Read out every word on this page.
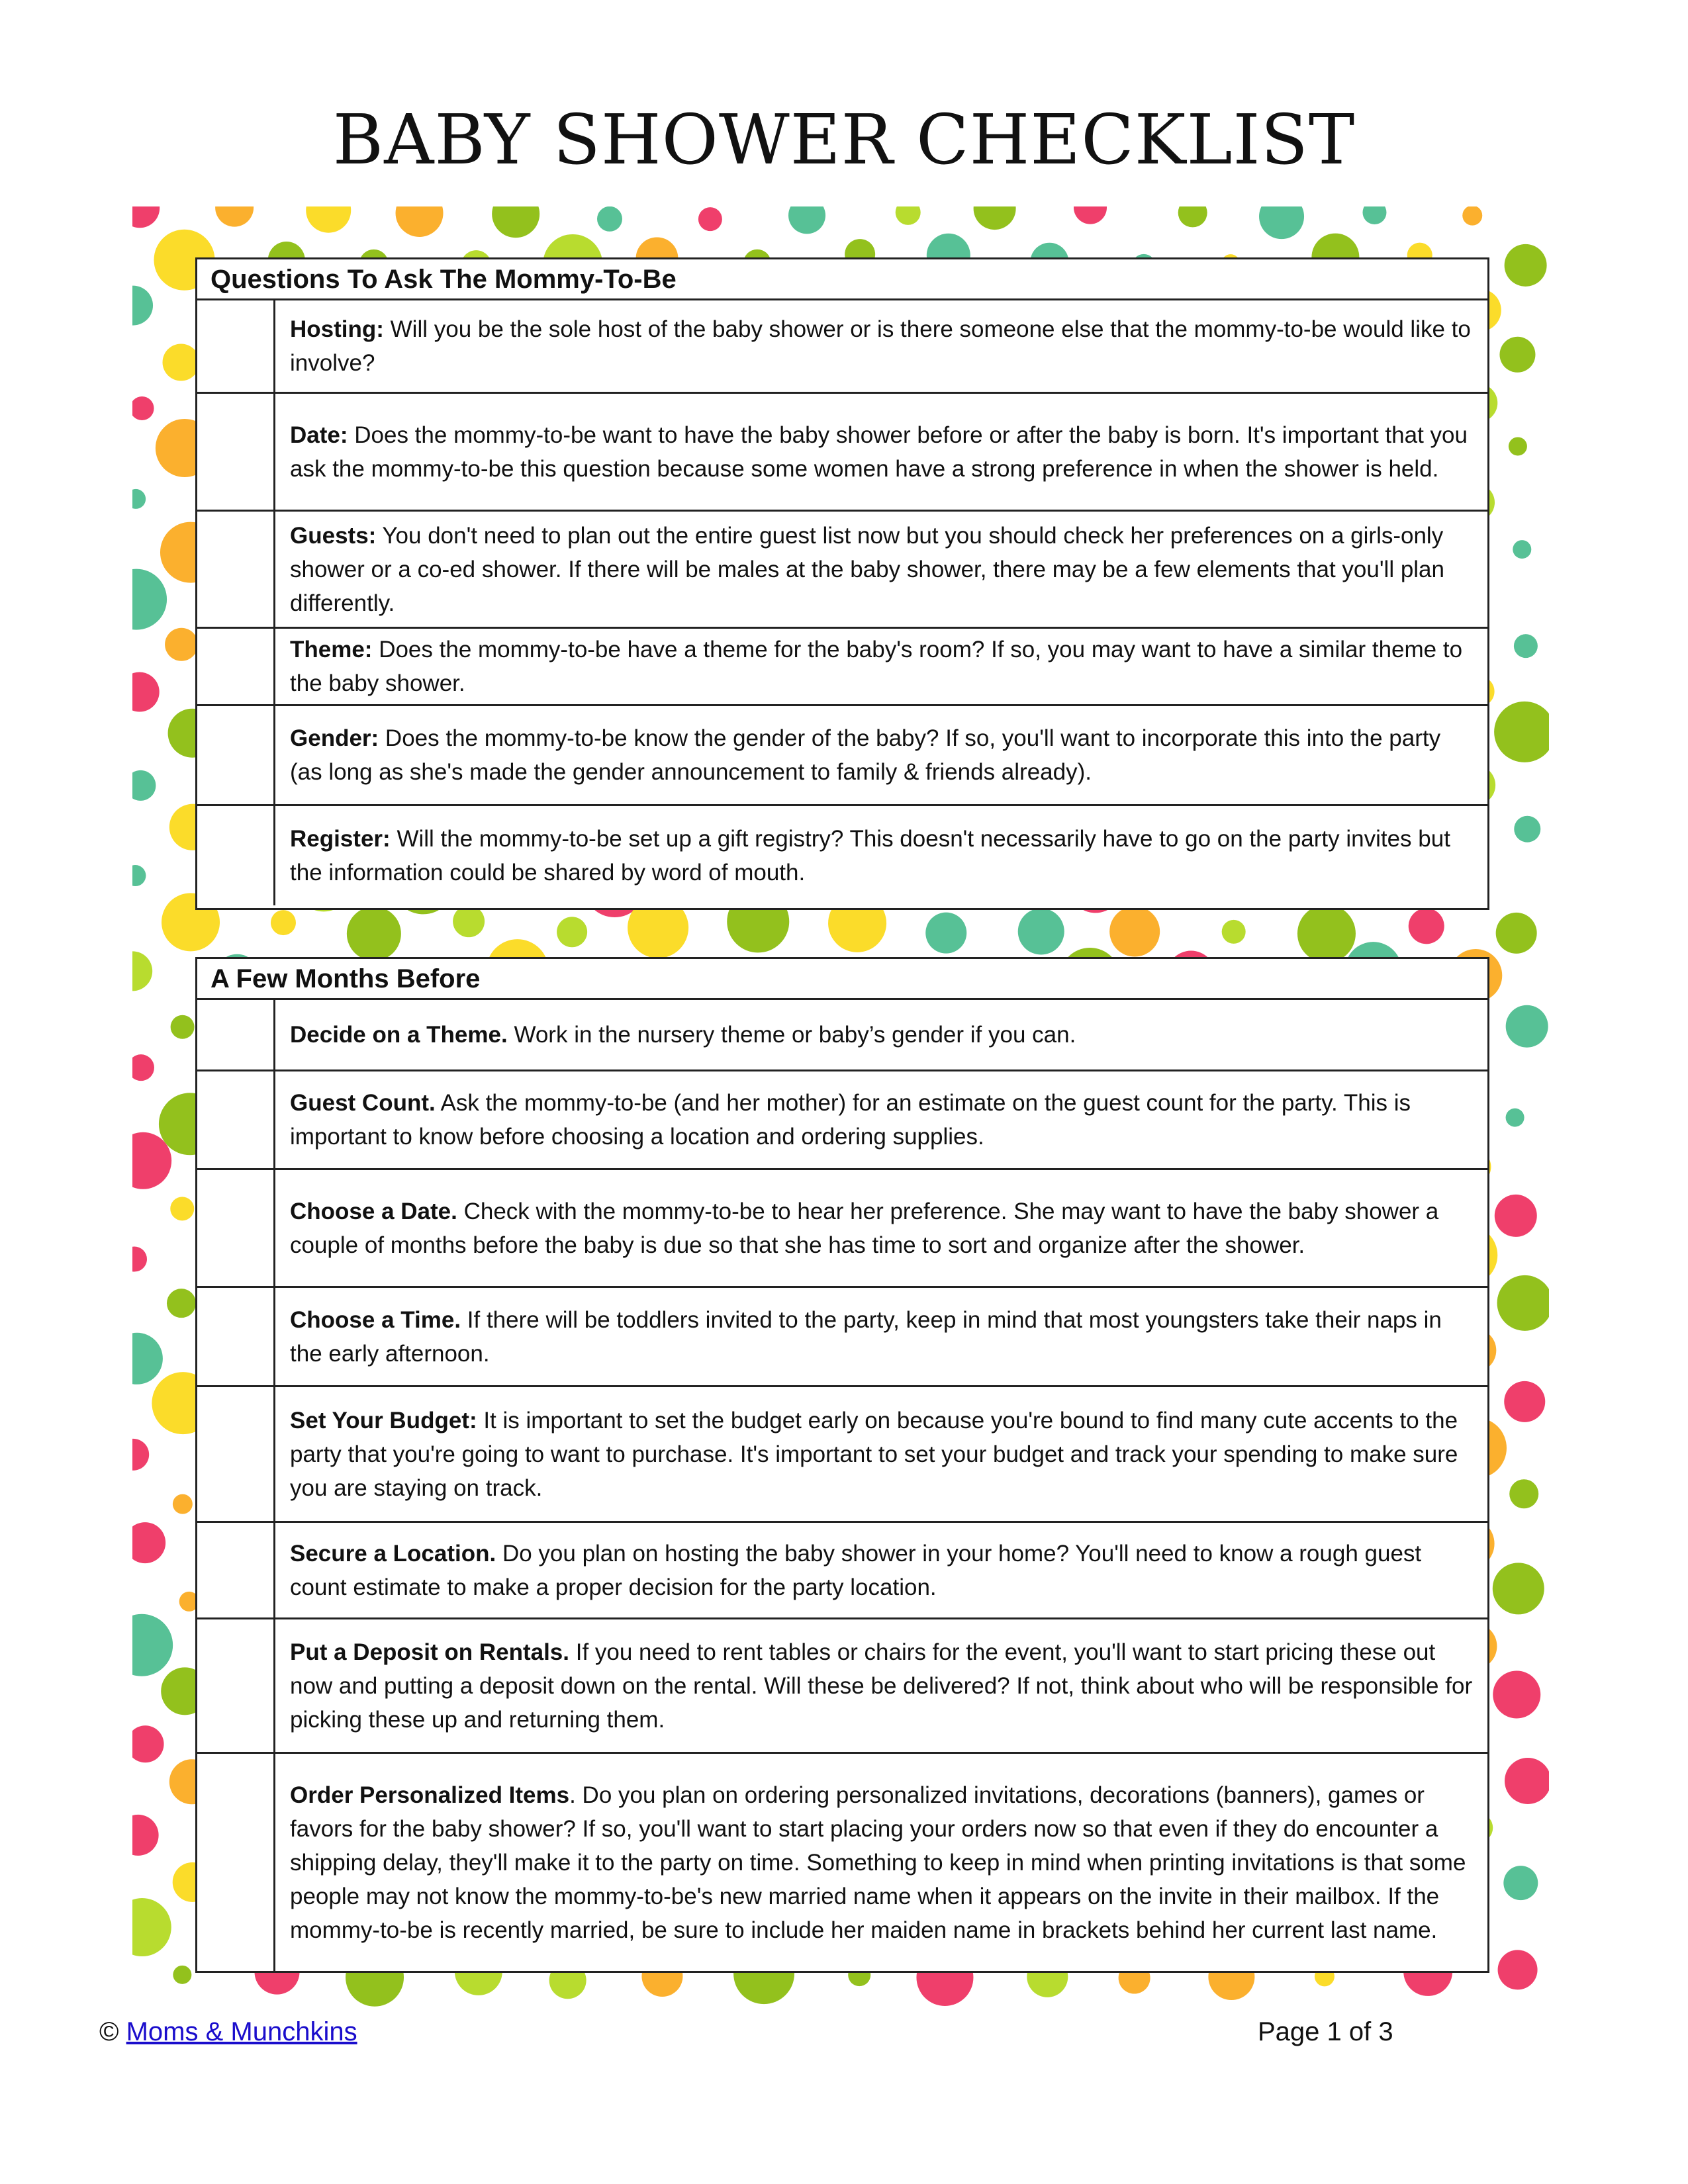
BABY SHOWER CHECKLIST
Questions To Ask The Mommy-To-Be

Hosting: Will you be the sole host of the baby shower or is there someone else that the mommy-to-be would like to involve?

Date: Does the mommy-to-be want to have the baby shower before or after the baby is born. It's important that you ask the mommy-to-be this question because some women have a strong preference in when the shower is held.

Guests: You don't need to plan out the entire guest list now but you should check her preferences on a girls-only shower or a co-ed shower. If there will be males at the baby shower, there may be a few elements that you'll plan differently.

Theme: Does the mommy-to-be have a theme for the baby's room? If so, you may want to have a similar theme to the baby shower.

Gender: Does the mommy-to-be know the gender of the baby? If so, you'll want to incorporate this into the party (as long as she's made the gender announcement to family & friends already).

Register: Will the mommy-to-be set up a gift registry? This doesn't necessarily have to go on the party invites but the information could be shared by word of mouth.

A Few Months Before

Decide on a Theme. Work in the nursery theme or baby’s gender if you can.

Guest Count. Ask the mommy-to-be (and her mother) for an estimate on the guest count for the party. This is important to know before choosing a location and ordering supplies.

Choose a Date. Check with the mommy-to-be to hear her preference. She may want to have the baby shower a couple of months before the baby is due so that she has time to sort and organize after the shower.

Choose a Time. If there will be toddlers invited to the party, keep in mind that most youngsters take their naps in the early afternoon.

Set Your Budget: It is important to set the budget early on because you're bound to find many cute accents to the party that you're going to want to purchase. It's important to set your budget and track your spending to make sure you are staying on track.

Secure a Location. Do you plan on hosting the baby shower in your home? You'll need to know a rough guest count estimate to make a proper decision for the party location.

Put a Deposit on Rentals. If you need to rent tables or chairs for the event, you'll want to start pricing these out now and putting a deposit down on the rental. Will these be delivered? If not, think about who will be responsible for picking these up and returning them.

Order Personalized Items. Do you plan on ordering personalized invitations, decorations (banners), games or favors for the baby shower? If so, you'll want to start placing your orders now so that even if they do encounter a shipping delay, they'll make it to the party on time. Something to keep in mind when printing invitations is that some people may not know the mommy-to-be's new married name when it appears on the invite in their mailbox. If the mommy-to-be is recently married, be sure to include her maiden name in brackets behind her current last name.

© Moms & Munchkins	Page 1 of 3
